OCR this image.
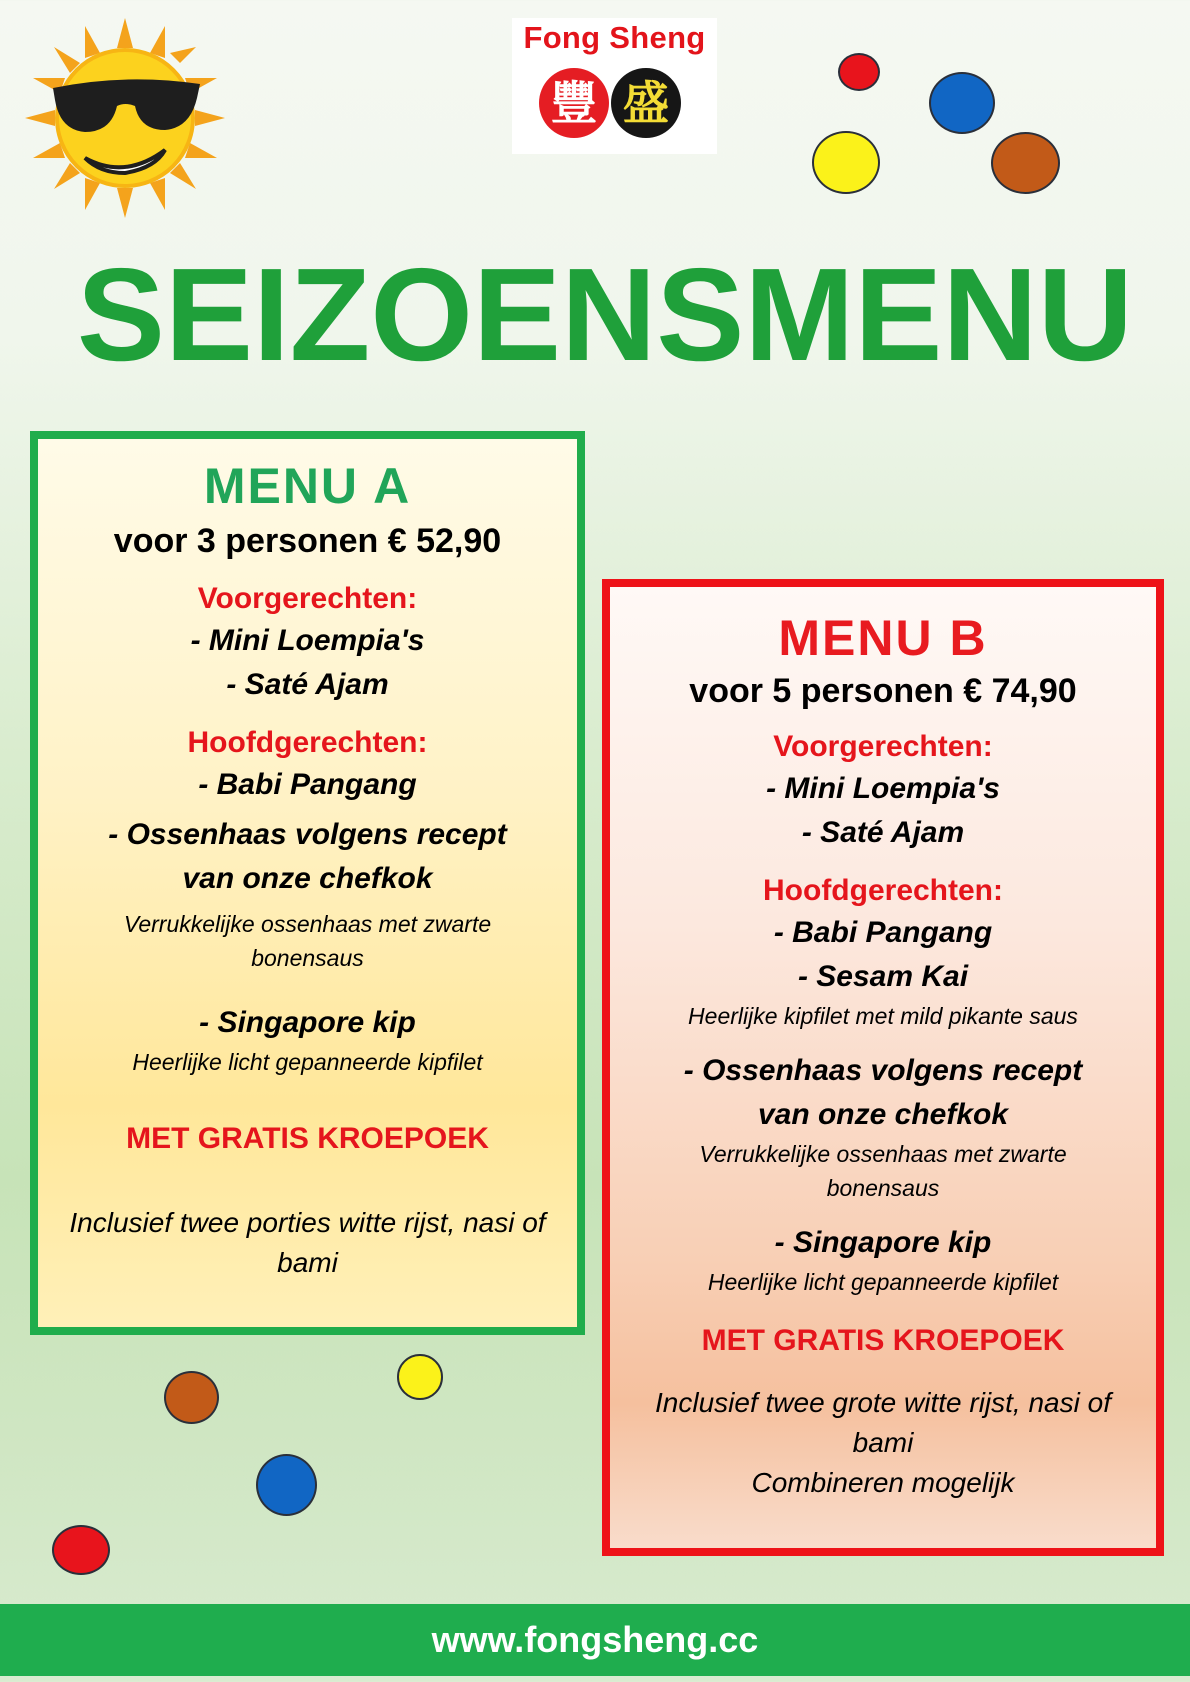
Fong Sheng
豐 盛
SEIZOENSMENU
MENU A
voor 3 personen € 52,90
Voorgerechten:
- Mini Loempia's
- Saté Ajam
Hoofdgerechten:
- Babi Pangang
- Ossenhaas volgens recept
van onze chefkok
Verrukkelijke ossenhaas met zwarte
bonensaus
- Singapore kip
Heerlijke licht gepanneerde kipfilet
MET GRATIS KROEPOEK
Inclusief twee porties witte rijst, nasi of
bami
MENU B
voor 5 personen € 74,90
Voorgerechten:
- Mini Loempia's
- Saté Ajam
Hoofdgerechten:
- Babi Pangang
- Sesam Kai
Heerlijke kipfilet met mild pikante saus
- Ossenhaas volgens recept
van onze chefkok
Verrukkelijke ossenhaas met zwarte
bonensaus
- Singapore kip
Heerlijke licht gepanneerde kipfilet
MET GRATIS KROEPOEK
Inclusief twee grote witte rijst, nasi of
bami
Combineren mogelijk
www.fongsheng.cc
